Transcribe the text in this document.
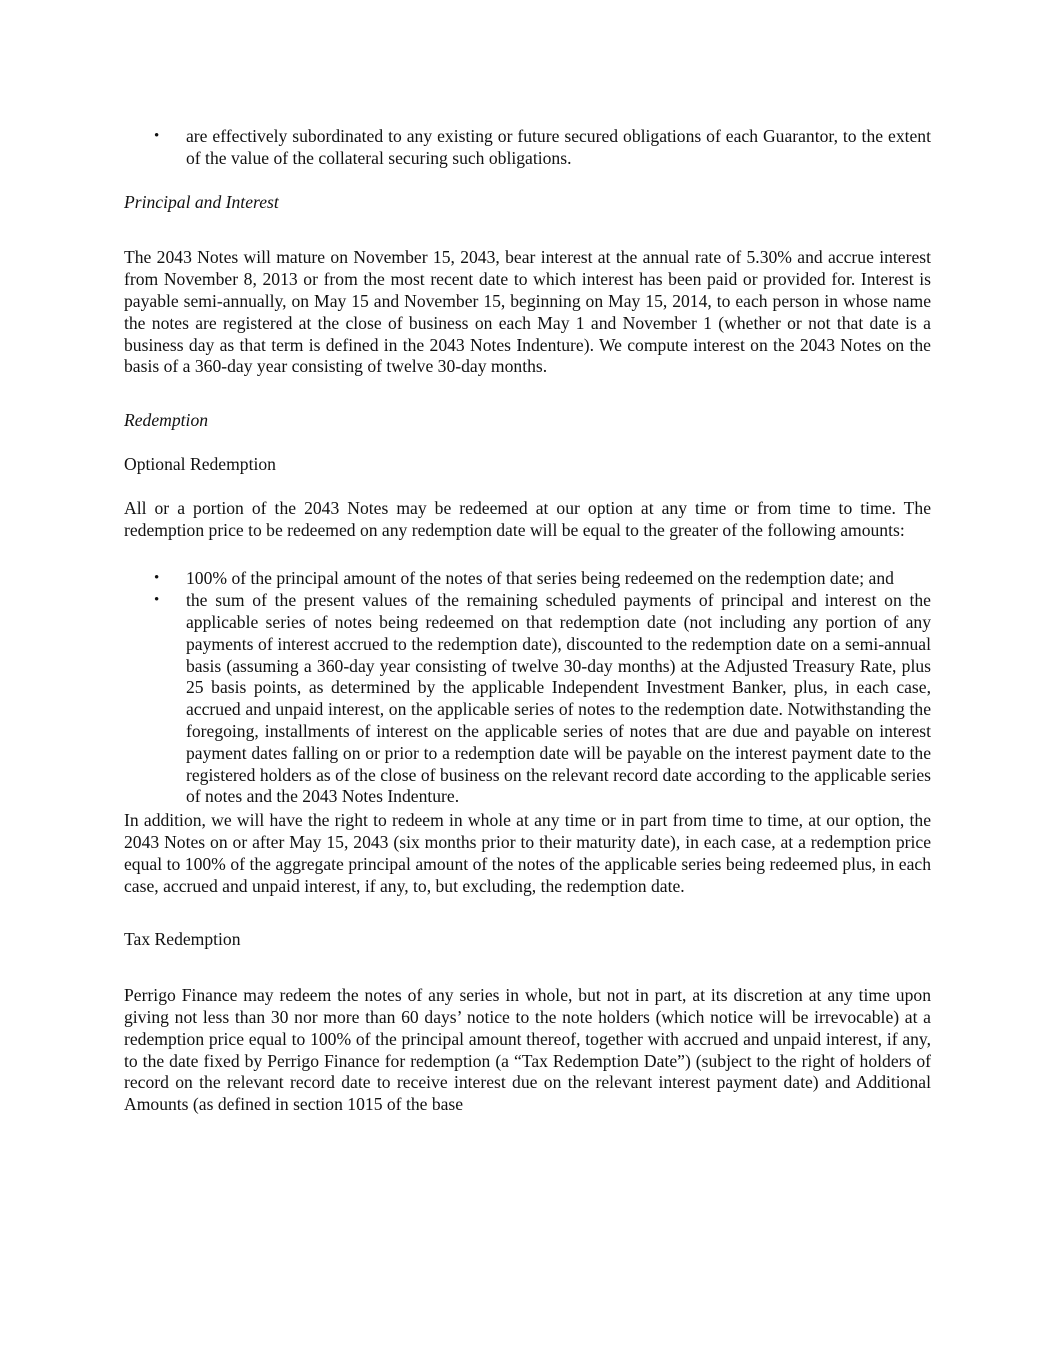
• are effectively subordinated to any existing or future secured obligations of each Guarantor, to the extent of the value of the collateral securing such obligations.

Principal and Interest

The 2043 Notes will mature on November 15, 2043, bear interest at the annual rate of 5.30% and accrue interest from November 8, 2013 or from the most recent date to which interest has been paid or provided for. Interest is payable semi-annually, on May 15 and November 15, beginning on May 15, 2014, to each person in whose name the notes are registered at the close of business on each May 1 and November 1 (whether or not that date is a business day as that term is defined in the 2043 Notes Indenture). We compute interest on the 2043 Notes on the basis of a 360-day year consisting of twelve 30-day months.

Redemption

Optional Redemption

All or a portion of the 2043 Notes may be redeemed at our option at any time or from time to time. The redemption price to be redeemed on any redemption date will be equal to the greater of the following amounts:

• 100% of the principal amount of the notes of that series being redeemed on the redemption date; and
• the sum of the present values of the remaining scheduled payments of principal and interest on the applicable series of notes being redeemed on that redemption date (not including any portion of any payments of interest accrued to the redemption date), discounted to the redemption date on a semi-annual basis (assuming a 360-day year consisting of twelve 30-day months) at the Adjusted Treasury Rate, plus 25 basis points, as determined by the applicable Independent Investment Banker, plus, in each case, accrued and unpaid interest, on the applicable series of notes to the redemption date. Notwithstanding the foregoing, installments of interest on the applicable series of notes that are due and payable on interest payment dates falling on or prior to a redemption date will be payable on the interest payment date to the registered holders as of the close of business on the relevant record date according to the applicable series of notes and the 2043 Notes Indenture.

In addition, we will have the right to redeem in whole at any time or in part from time to time, at our option, the 2043 Notes on or after May 15, 2043 (six months prior to their maturity date), in each case, at a redemption price equal to 100% of the aggregate principal amount of the notes of the applicable series being redeemed plus, in each case, accrued and unpaid interest, if any, to, but excluding, the redemption date.

Tax Redemption

Perrigo Finance may redeem the notes of any series in whole, but not in part, at its discretion at any time upon giving not less than 30 nor more than 60 days’ notice to the note holders (which notice will be irrevocable) at a redemption price equal to 100% of the principal amount thereof, together with accrued and unpaid interest, if any, to the date fixed by Perrigo Finance for redemption (a “Tax Redemption Date”) (subject to the right of holders of record on the relevant record date to receive interest due on the relevant interest payment date) and Additional Amounts (as defined in section 1015 of the base
